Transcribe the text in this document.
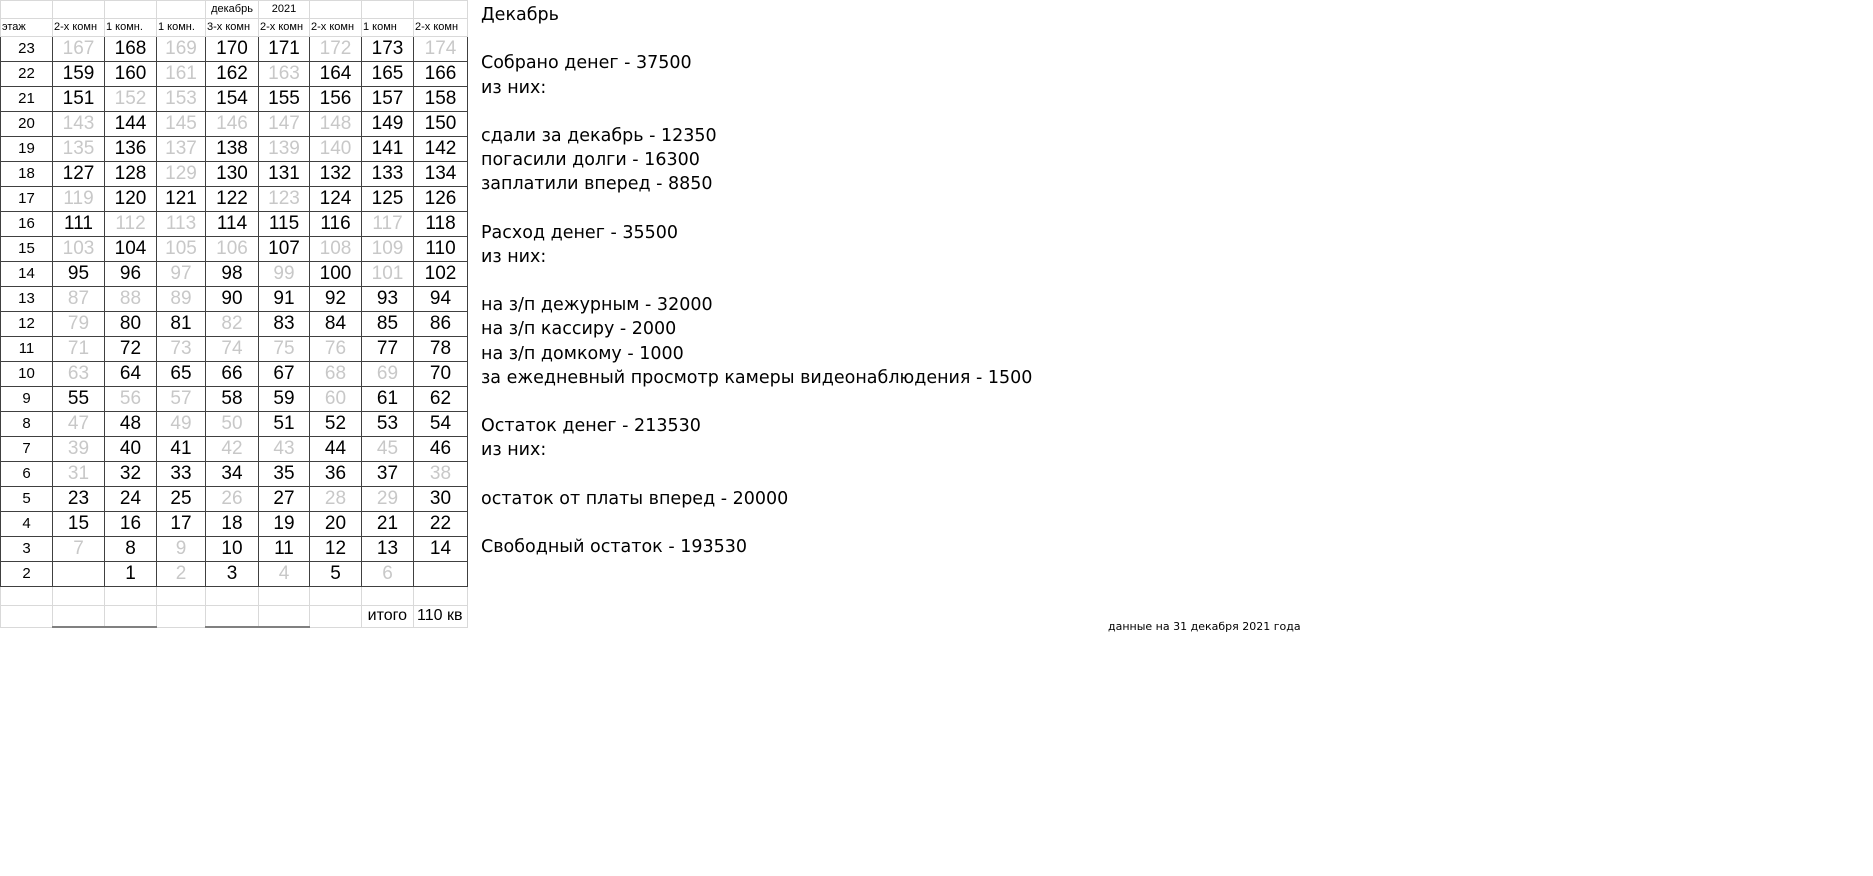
				декабрь	2021			
этаж	2-х комн	1 комн.	1 комн.	3-х комн	2-х комн	2-х комн	1 комн	2-х комн
23	167	168	169	170	171	172	173	174
22	159	160	161	162	163	164	165	166
21	151	152	153	154	155	156	157	158
20	143	144	145	146	147	148	149	150
19	135	136	137	138	139	140	141	142
18	127	128	129	130	131	132	133	134
17	119	120	121	122	123	124	125	126
16	111	112	113	114	115	116	117	118
15	103	104	105	106	107	108	109	110
14	95	96	97	98	99	100	101	102
13	87	88	89	90	91	92	93	94
12	79	80	81	82	83	84	85	86
11	71	72	73	74	75	76	77	78
10	63	64	65	66	67	68	69	70
9	55	56	57	58	59	60	61	62
8	47	48	49	50	51	52	53	54
7	39	40	41	42	43	44	45	46
6	31	32	33	34	35	36	37	38
5	23	24	25	26	27	28	29	30
4	15	16	17	18	19	20	21	22
3	7	8	9	10	11	12	13	14
2		1	2	3	4	5	6	

							итого	110 кв
Декабрь
Собрано денег - 37500
из них:
сдали за декабрь - 12350
погасили долги - 16300
заплатили вперед - 8850
Расход денег - 35500
из них:
на з/п дежурным - 32000
на з/п кассиру - 2000
на з/п домкому - 1000
за ежедневный просмотр камеры видеонаблюдения - 1500
Остаток денег - 213530
из них:
остаток от платы вперед - 20000
Свободный остаток - 193530
данные на 31 декабря 2021 года
